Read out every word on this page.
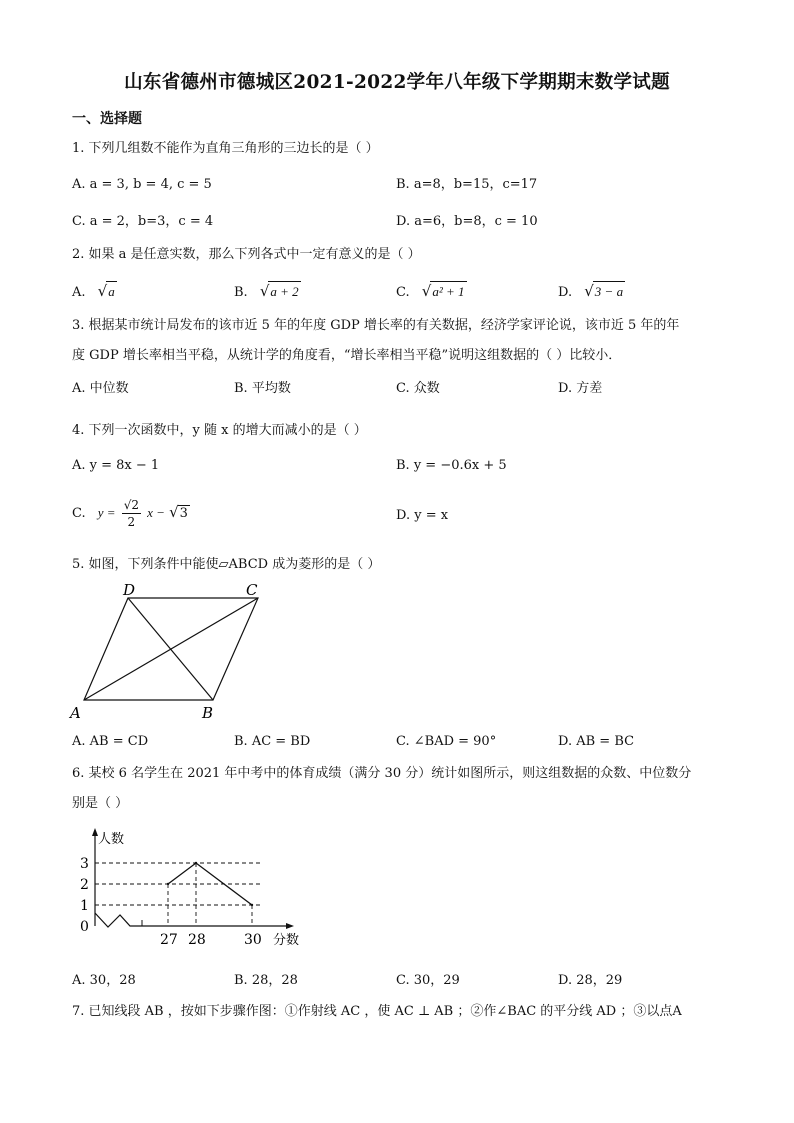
山东省德州市德城区2021-2022学年八年级下学期期末数学试题
一、选择题
1. 下列几组数不能作为直角三角形的三边长的是（ ）
A. a = 3, b = 4, c = 5	B. a=8，b=15，c=17
C. a = 2，b=3，c = 4	D. a=6，b=8，c = 10
2. 如果 a 是任意实数，那么下列各式中一定有意义的是（ ）
A. √a	B. √a + 2	C. √a² + 1	D. √3 − a
3. 根据某市统计局发布的该市近 5 年的年度 GDP 增长率的有关数据，经济学家评论说，该市近 5 年的年
度 GDP 增长率相当平稳，从统计学的角度看，“增长率相当平稳”说明这组数据的（ ）比较小．
A. 中位数	B. 平均数	C. 众数	D. 方差
4. 下列一次函数中，y 随 x 的增大而减小的是（ ）
A. y = 8x − 1	B. y = −0.6x + 5
C. $y = \frac{√2}{2}$ x − √3	D. y = x
5. 如图，下列条件中能使▱ABCD 成为菱形的是（ ）
A	B
C
D
A. AB = CD	B. AC = BD	C. ∠BAD = 90°	D. AB = BC
6. 某校 6 名学生在 2021 年中考中的体育成绩（满分 30 分）统计如图所示，则这组数据的众数、中位数分
别是（ ）
0
1
2
3
27 28	30
人数
分数
A. 30，28	B. 28，28	C. 30，29	D. 28，29
7. 已知线段 AB ，按如下步骤作图：①作射线 AC ，使 AC ⊥ AB ；②作∠BAC 的平分线 AD ；③以点A
